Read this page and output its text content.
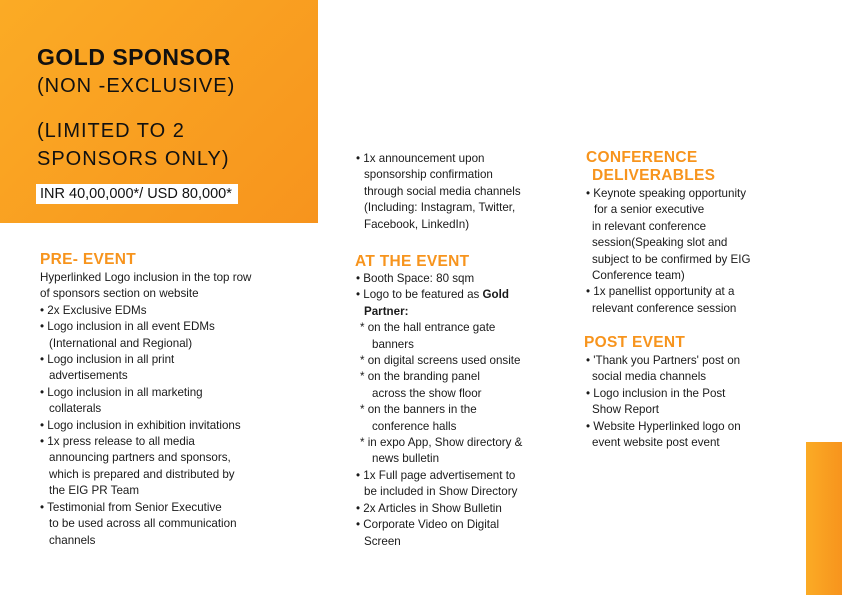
GOLD SPONSOR
(NON -EXCLUSIVE)
(LIMITED TO 2
SPONSORS ONLY)
INR 40,00,000*/ USD 80,000*
PRE- EVENT
Hyperlinked Logo inclusion in the top row
of sponsors section on website
• 2x Exclusive EDMs
• Logo inclusion in all event EDMs
(International and Regional)
• Logo inclusion in all print
advertisements
• Logo inclusion in all marketing
collaterals
• Logo inclusion in exhibition invitations
• 1x press release to all media
announcing partners and sponsors,
which is prepared and distributed by
the EIG PR Team
• Testimonial from Senior Executive
to be used across all communication
channels
• 1x announcement upon
sponsorship confirmation
through social media channels
(Including: Instagram, Twitter,
Facebook, LinkedIn)
AT THE EVENT
• Booth Space: 80 sqm
• Logo to be featured as Gold
Partner:
* on the hall entrance gate
banners
* on digital screens used onsite
* on the branding panel
across the show floor
* on the banners in the
conference halls
* in expo App, Show directory &
news bulletin
• 1x Full page advertisement to
be included in Show Directory
• 2x Articles in Show Bulletin
• Corporate Video on Digital
Screen
CONFERENCE
DELIVERABLES
• Keynote speaking opportunity
for a senior executive
in relevant conference
session(Speaking slot and
subject to be confirmed by EIG
Conference team)
• 1x panellist opportunity at a
relevant conference session
POST EVENT
• 'Thank you Partners' post on
social media channels
• Logo inclusion in the Post
Show Report
• Website Hyperlinked logo on
event website post event
